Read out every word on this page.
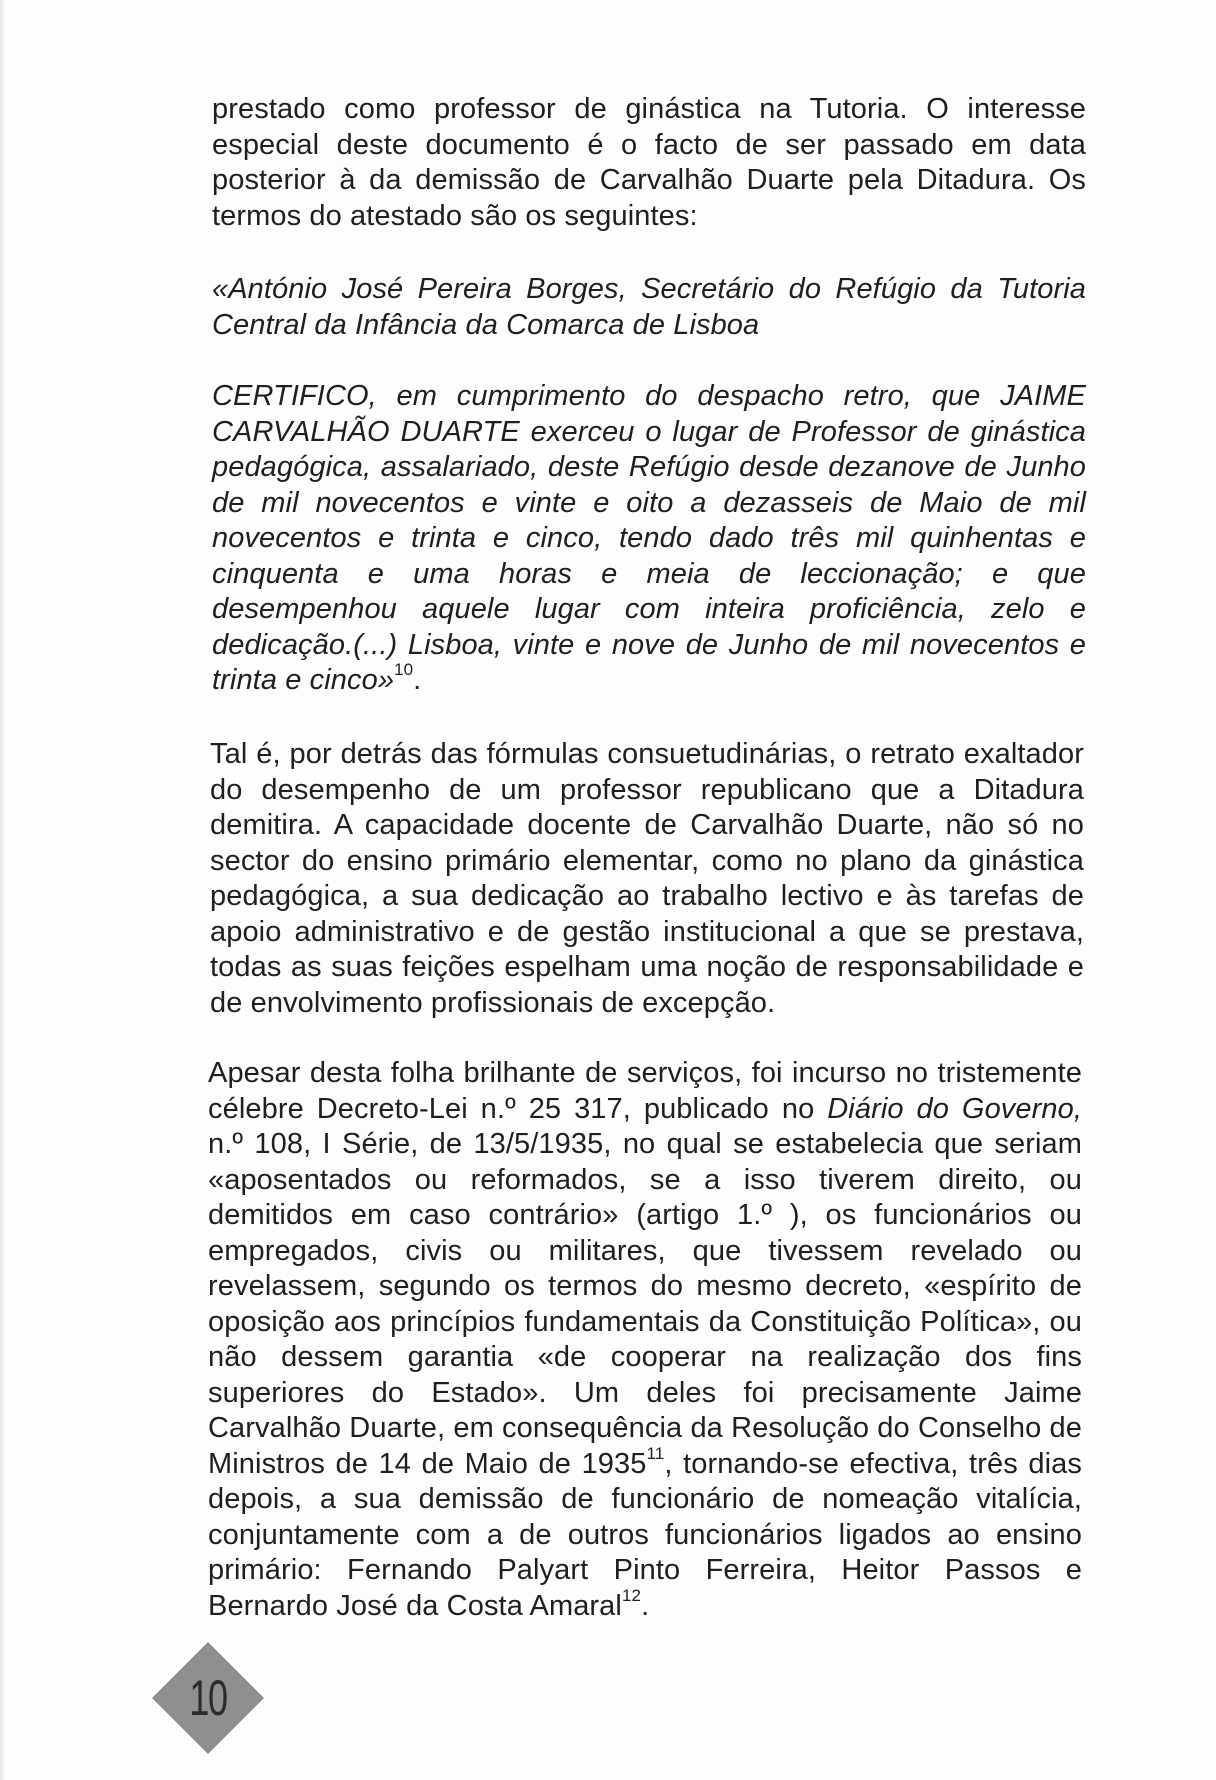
prestado como professor de ginástica na Tutoria. O interesse especial deste documento é o facto de ser passado em data posterior à da demissão de Carvalhão Duarte pela Ditadura. Os termos do atestado são os seguintes:

«António José Pereira Borges, Secretário do Refúgio da Tutoria Central da Infância da Comarca de Lisboa

CERTIFICO, em cumprimento do despacho retro, que JAIME CARVALHÃO DUARTE exerceu o lugar de Professor de ginástica pedagógica, assalariado, deste Refúgio desde dezanove de Junho de mil novecentos e vinte e oito a dezasseis de Maio de mil novecentos e trinta e cinco, tendo dado três mil quinhentas e cinquenta e uma horas e meia de leccionação; e que desempenhou aquele lugar com inteira proficiência, zelo e dedicação.(...) Lisboa, vinte e nove de Junho de mil novecentos e trinta e cinco»$^{10}$.

Tal é, por detrás das fórmulas consuetudinárias, o retrato exaltador do desempenho de um professor republicano que a Ditadura demitira. A capacidade docente de Carvalhão Duarte, não só no sector do ensino primário elementar, como no plano da ginástica pedagógica, a sua dedicação ao trabalho lectivo e às tarefas de apoio administrativo e de gestão institucional a que se prestava, todas as suas feições espelham uma noção de responsabilidade e de envolvimento profissionais de excepção.

Apesar desta folha brilhante de serviços, foi incurso no tristemente célebre Decreto-Lei n.º 25 317, publicado no Diário do Governo, n.º 108, I Série, de 13/5/1935, no qual se estabelecia que seriam «aposentados ou reformados, se a isso tiverem direito, ou demitidos em caso contrário» (artigo 1.º ), os funcionários ou empregados, civis ou militares, que tivessem revelado ou revelassem, segundo os termos do mesmo decreto, «espírito de oposição aos princípios fundamentais da Constituição Política», ou não dessem garantia «de cooperar na realização dos fins superiores do Estado». Um deles foi precisamente Jaime Carvalhão Duarte, em consequência da Resolução do Conselho de Ministros de 14 de Maio de 1935$^{11}$, tornando-se efectiva, três dias depois, a sua demissão de funcionário de nomeação vitalícia, conjuntamente com a de outros funcionários ligados ao ensino primário: Fernando Palyart Pinto Ferreira, Heitor Passos e Bernardo José da Costa Amaral$^{12}$.

10
